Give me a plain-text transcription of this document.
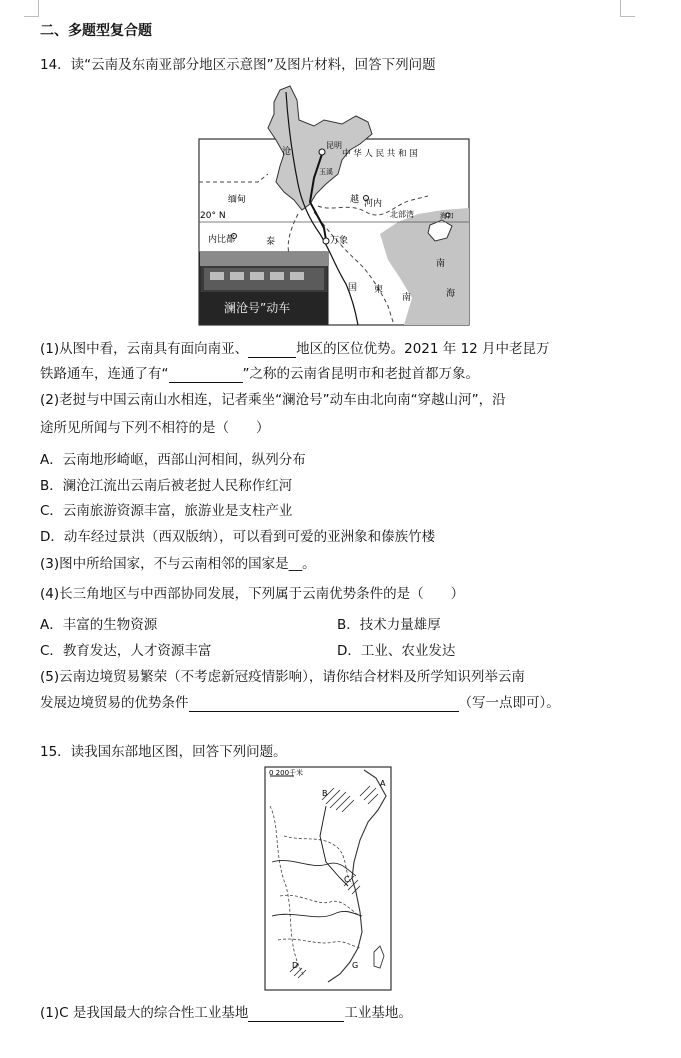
二、多题型复合题
14．读“云南及东南亚部分地区示意图”及图片材料，回答下列问题
沧
昆明
玉溪
中 华 人 民 共 和 国
缅甸
20° N
河内
越
北部湾	海口
内比都	泰	万象
国 柬
南
南
海
澜沧号”动车
(1)从图中看，云南具有面向南亚、	地区的区位优势。2021 年 12 月中老昆万
铁路通车，连通了有“	”之称的云南省昆明市和老挝首都万象。
(2)老挝与中国云南山水相连，记者乘坐“澜沧号”动车由北向南“穿越山河”，沿
途所见所闻与下列不相符的是（　　）
A．云南地形崎岖，西部山河相间，纵列分布
B．澜沧江流出云南后被老挝人民称作红河
C．云南旅游资源丰富，旅游业是支柱产业
D．动车经过景洪（西双版纳），可以看到可爱的亚洲象和傣族竹楼
(3)图中所给国家，不与云南相邻的国家是__。
(4)长三角地区与中西部协同发展，下列属于云南优势条件的是（　　）
A．丰富的生物资源	B．技术力量雄厚
C．教育发达，人才资源丰富	D．工业、农业发达
(5)云南边境贸易繁荣（不考虑新冠疫情影响），请你结合材料及所学知识列举云南
发展边境贸易的优势条件	（写一点即可）。
15．读我国东部地区图，回答下列问题。
0 200千米
A
B
C
D	G
(1)C 是我国最大的综合性工业基地	工业基地。
